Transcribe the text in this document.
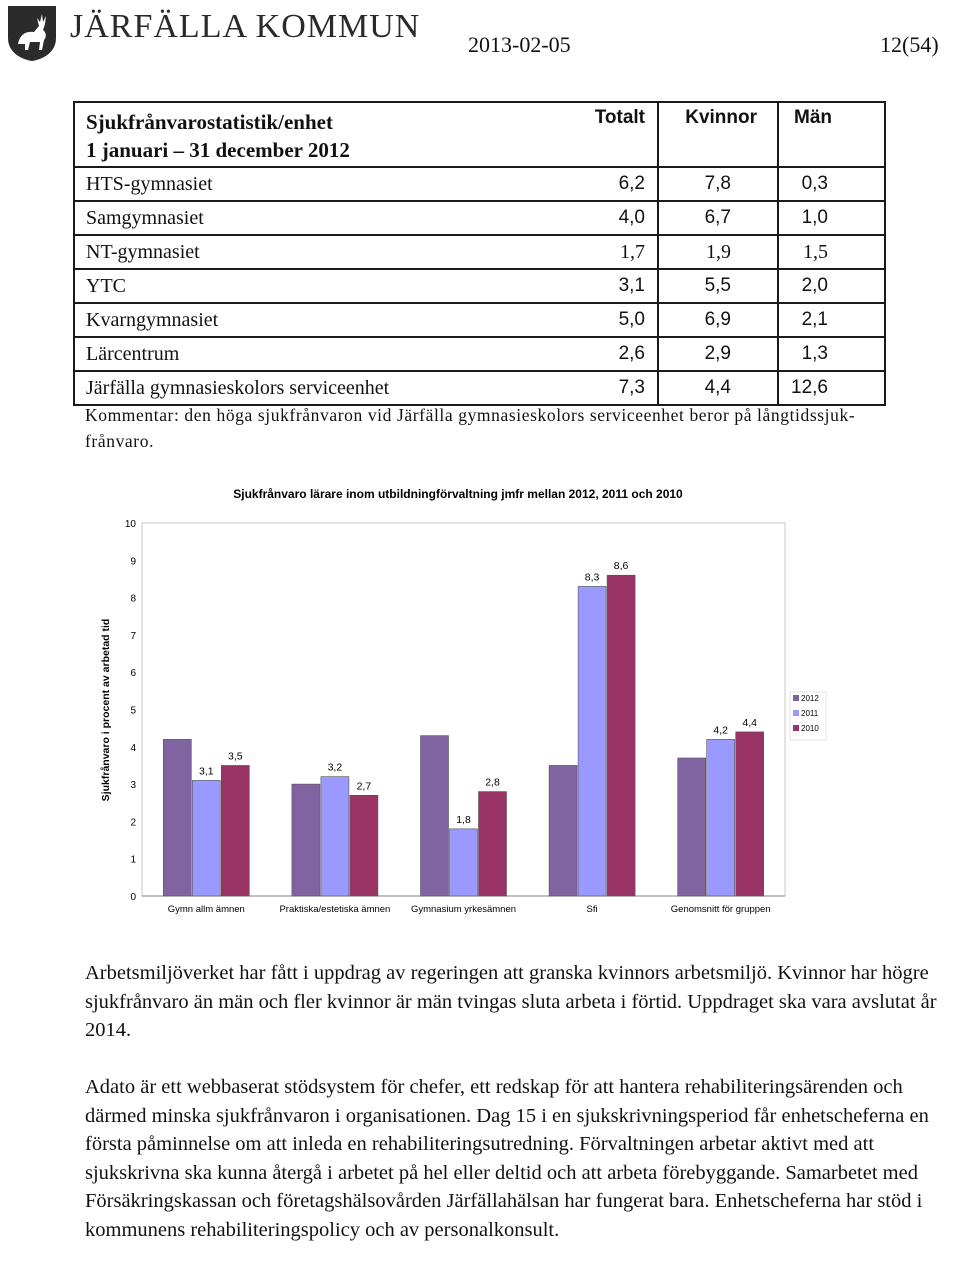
JÄRFÄLLA KOMMUN 2013-02-05	12(54)
Sjukfrånvarostatistik/enhet
1 januari – 31 december 2012	Totalt	Kvinnor	Män
HTS-gymnasiet	6,2	7,8	0,3
Samgymnasiet	4,0	6,7	1,0
NT-gymnasiet	1,7	1,9	1,5
YTC	3,1	5,5	2,0
Kvarngymnasiet	5,0	6,9	2,1
Lärcentrum	2,6	2,9	1,3
Järfälla gymnasieskolors serviceenhet	7,3	4,4	12,6
Kommentar: den höga sjukfrånvaron vid Järfälla gymnasieskolors serviceenhet beror på långtidssjuk-frånvaro.
Sjukfrånvaro lärare inom utbildningförvaltning jmfr mellan 2012, 2011 och 2010
Sjukfrånvaro i procent av arbetad tid
0
1
2
3
4
5
6
7
8
9
10
3,1
3,5
Gymn allm ämnen
3,2
2,7
Praktiska/estetiska ämnen
1,8
2,8
Gymnasium yrkesämnen
8,3
8,6
Sfi
4,2
4,4
Genomsnitt för gruppen
2012
2011
2010
Arbetsmiljöverket har fått i uppdrag av regeringen att granska kvinnors arbetsmiljö. Kvinnor har högre sjukfrånvaro än män och fler kvinnor är män tvingas sluta arbeta i förtid. Uppdraget ska vara avslutat år 2014.
Adato är ett webbaserat stödsystem för chefer, ett redskap för att hantera rehabiliteringsärenden och därmed minska sjukfrånvaron i organisationen. Dag 15 i en sjukskrivningsperiod får enhetscheferna en första påminnelse om att inleda en rehabiliteringsutredning. Förvaltningen arbetar aktivt med att sjukskrivna ska kunna återgå i arbetet på hel eller deltid och att arbeta förebyggande. Samarbetet med Försäkringskassan och företagshälsovården Järfällahälsan har fungerat bara. Enhetscheferna har stöd i kommunens rehabiliteringspolicy och av personalkonsult.
